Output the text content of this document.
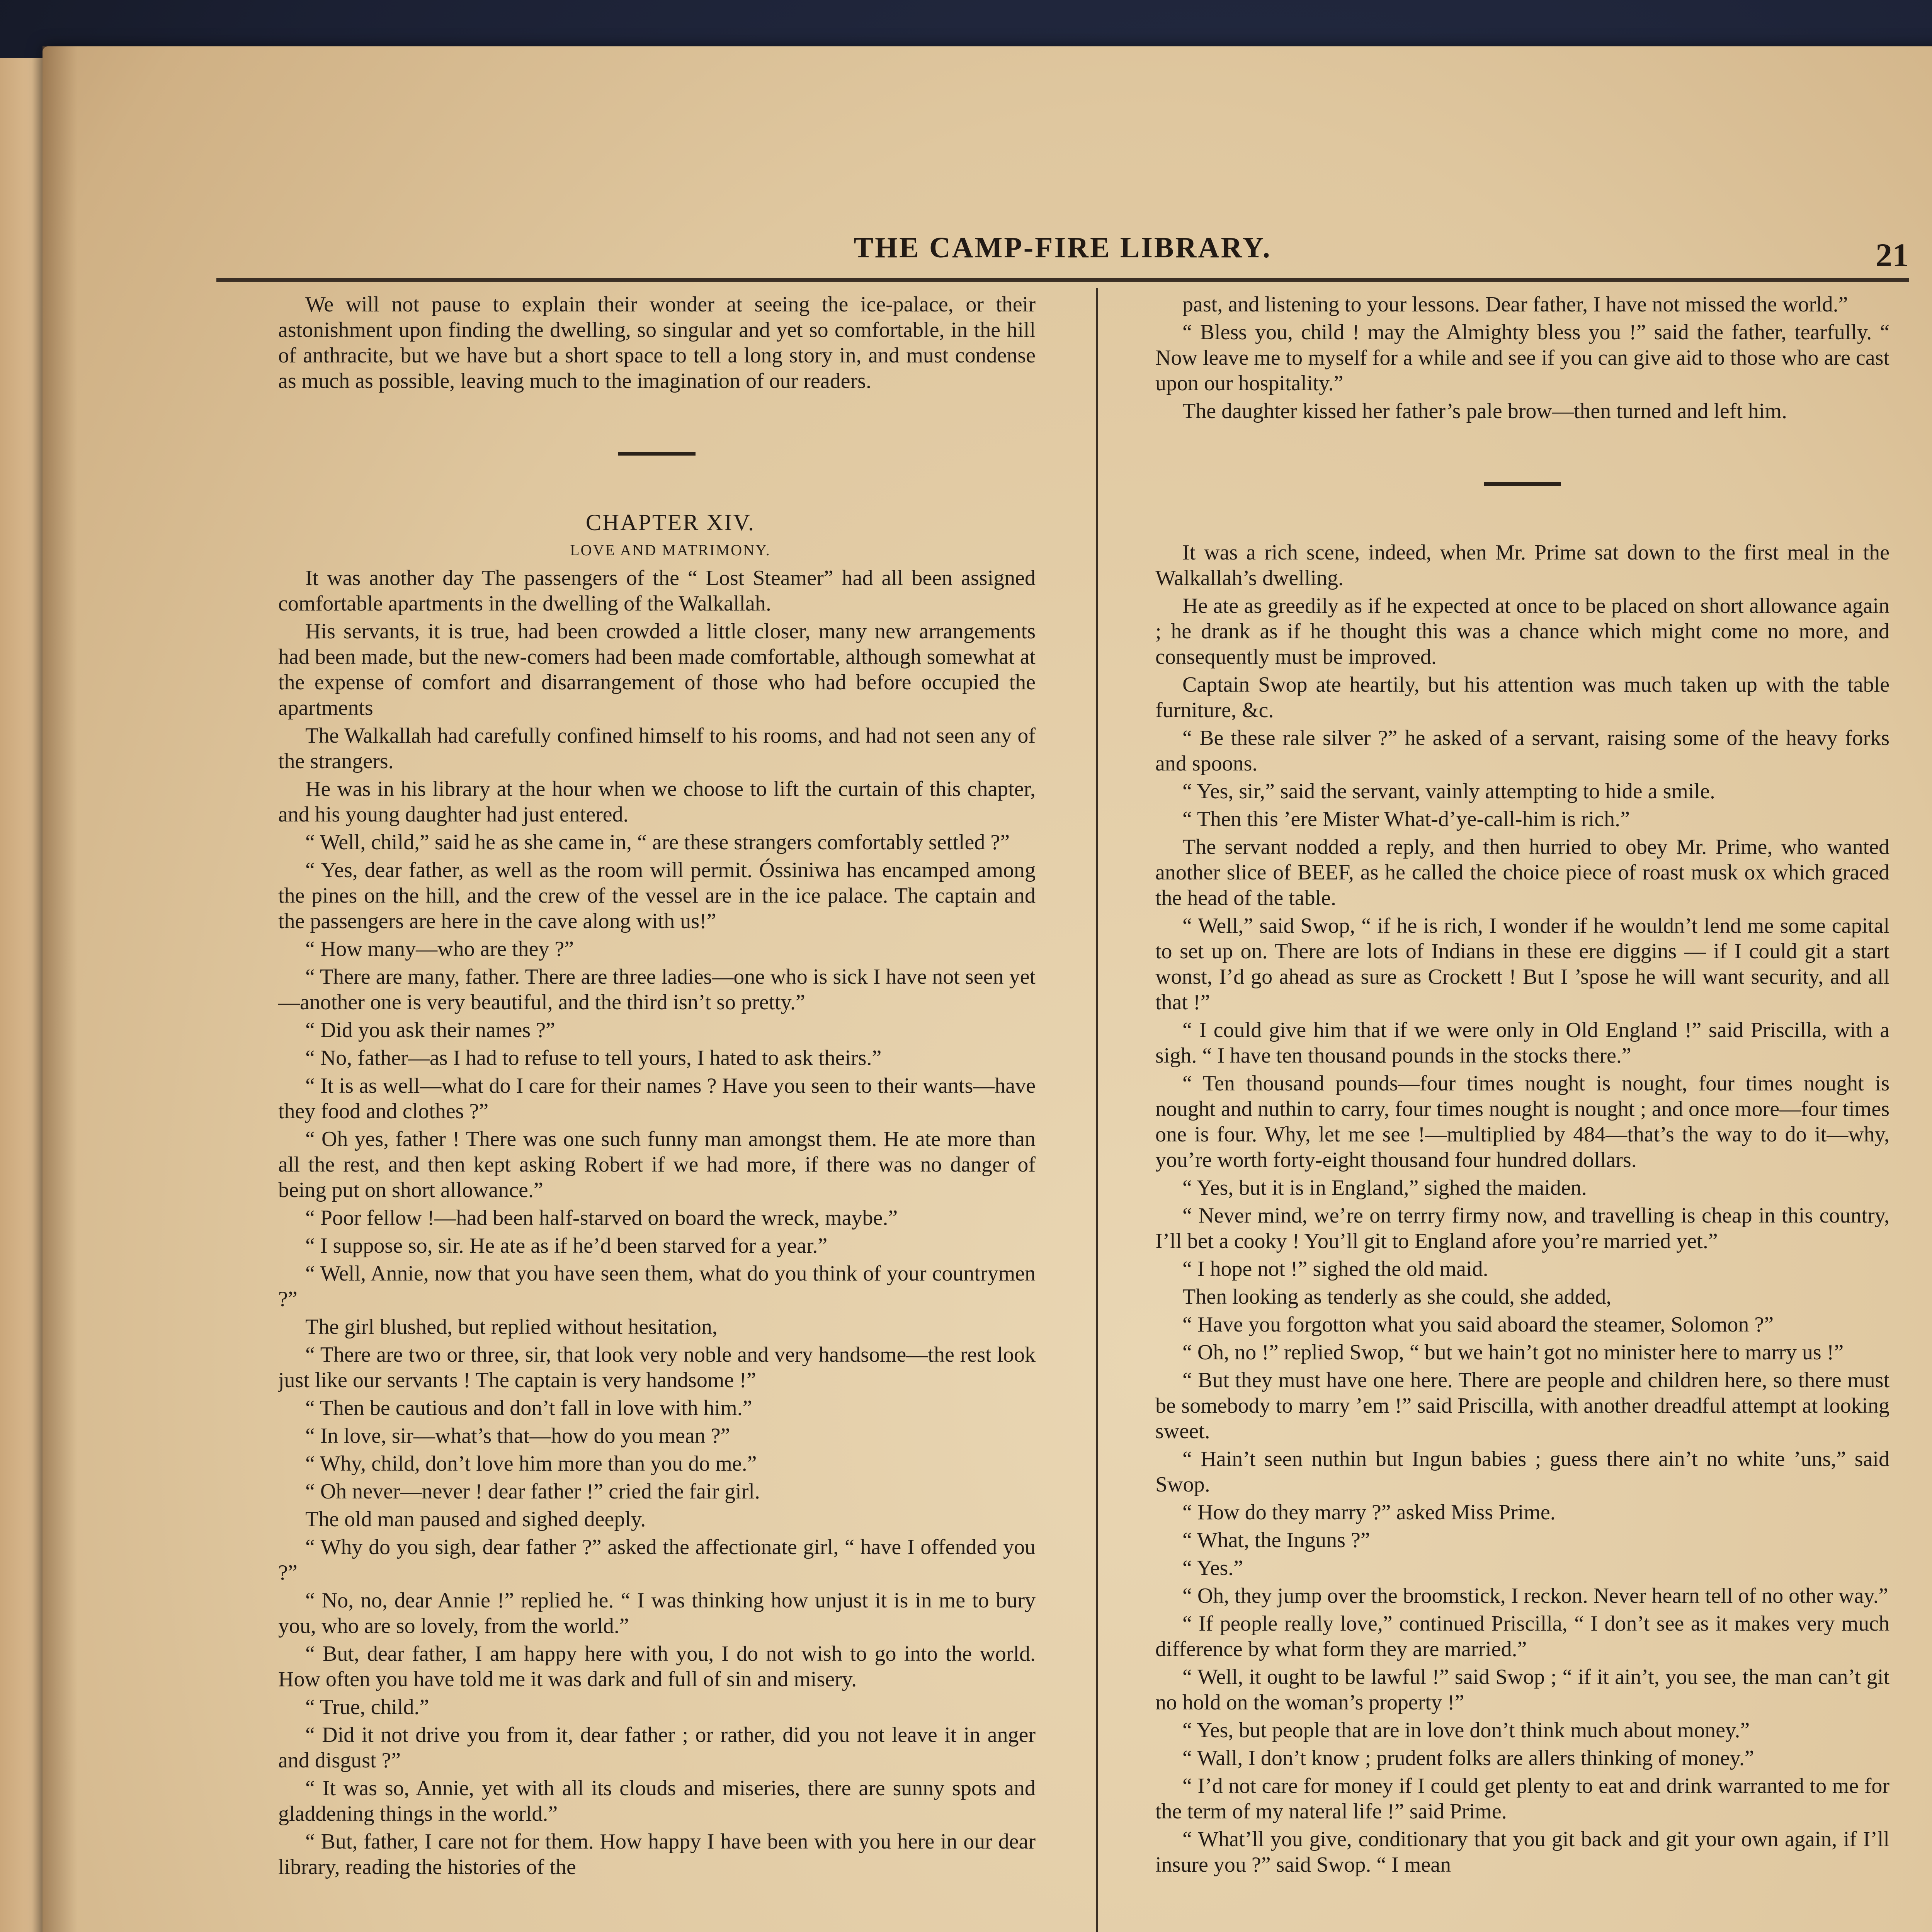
THE CAMP-FIRE LIBRARY.	21

We will not pause to explain their wonder at seeing the ice-palace, or their astonishment upon finding the dwelling, so singular and yet so comfortable, in the hill of anthracite, but we have but a short space to tell a long story in, and must condense as much as possible, leaving much to the imagination of our readers.

CHAPTER XIV.

LOVE AND MATRIMONY.

It was another day The passengers of the “ Lost Steamer” had all been assigned comfortable apartments in the dwelling of the Walkallah.

His servants, it is true, had been crowded a little closer, many new arrangements had been made, but the new-comers had been made comfortable, although somewhat at the expense of comfort and disarrangement of those who had before occupied the apartments

The Walkallah had carefully confined himself to his rooms, and had not seen any of the strangers.

He was in his library at the hour when we choose to lift the curtain of this chapter, and his young daughter had just entered.

“ Well, child,” said he as she came in, “ are these strangers comfortably settled ?”

“ Yes, dear father, as well as the room will permit. Óssiniwa has encamped among the pines on the hill, and the crew of the vessel are in the ice palace. The captain and the passengers are here in the cave along with us!”

“ How many—who are they ?”

“ There are many, father. There are three ladies—one who is sick I have not seen yet—another one is very beautiful, and the third isn’t so pretty.”

“ Did you ask their names ?”

“ No, father—as I had to refuse to tell yours, I hated to ask theirs.”

“ It is as well—what do I care for their names ? Have you seen to their wants—have they food and clothes ?”

“ Oh yes, father ! There was one such funny man amongst them. He ate more than all the rest, and then kept asking Robert if we had more, if there was no danger of being put on short allowance.”

“ Poor fellow !—had been half-starved on board the wreck, maybe.”

“ I suppose so, sir. He ate as if he’d been starved for a year.”

“ Well, Annie, now that you have seen them, what do you think of your countrymen ?”

The girl blushed, but replied without hesitation,

“ There are two or three, sir, that look very noble and very handsome—the rest look just like our servants ! The captain is very handsome !”

“ Then be cautious and don’t fall in love with him.”

“ In love, sir—what’s that—how do you mean ?”

“ Why, child, don’t love him more than you do me.”

“ Oh never—never ! dear father !” cried the fair girl.

The old man paused and sighed deeply.

“ Why do you sigh, dear father ?” asked the affectionate girl, “ have I offended you ?”

“ No, no, dear Annie !” replied he. “ I was thinking how unjust it is in me to bury you, who are so lovely, from the world.”

“ But, dear father, I am happy here with you, I do not wish to go into the world. How often you have told me it was dark and full of sin and misery.

“ True, child.”

“ Did it not drive you from it, dear father ; or rather, did you not leave it in anger and disgust ?”

“ It was so, Annie, yet with all its clouds and miseries, there are sunny spots and gladdening things in the world.”

“ But, father, I care not for them. How happy I have been with you here in our dear library, reading the histories of the

past, and listening to your lessons. Dear father, I have not missed the world.”

“ Bless you, child ! may the Almighty bless you !” said the father, tearfully. “ Now leave me to myself for a while and see if you can give aid to those who are cast upon our hospitality.”

The daughter kissed her father’s pale brow—then turned and left him.

It was a rich scene, indeed, when Mr. Prime sat down to the first meal in the Walkallah’s dwelling.

He ate as greedily as if he expected at once to be placed on short allowance again ; he drank as if he thought this was a chance which might come no more, and consequently must be improved.

Captain Swop ate heartily, but his attention was much taken up with the table furniture, &c.

“ Be these rale silver ?” he asked of a servant, raising some of the heavy forks and spoons.

“ Yes, sir,” said the servant, vainly attempting to hide a smile.

“ Then this ’ere Mister What-d’ye-call-him is rich.”

The servant nodded a reply, and then hurried to obey Mr. Prime, who wanted another slice of BEEF, as he called the choice piece of roast musk ox which graced the head of the table.

“ Well,” said Swop, “ if he is rich, I wonder if he wouldn’t lend me some capital to set up on. There are lots of Indians in these ere diggins — if I could git a start wonst, I’d go ahead as sure as Crockett ! But I ’spose he will want security, and all that !”

“ I could give him that if we were only in Old England !” said Priscilla, with a sigh. “ I have ten thousand pounds in the stocks there.”

“ Ten thousand pounds—four times nought is nought, four times nought is nought and nuthin to carry, four times nought is nought ; and once more—four times one is four. Why, let me see !—multiplied by 484—that’s the way to do it—why, you’re worth forty-eight thousand four hundred dollars.

“ Yes, but it is in England,” sighed the maiden.

“ Never mind, we’re on terrry firmy now, and travelling is cheap in this country, I’ll bet a cooky ! You’ll git to England afore you’re married yet.”

“ I hope not !” sighed the old maid.

Then looking as tenderly as she could, she added,

“ Have you forgotton what you said aboard the steamer, Solomon ?”

“ Oh, no !” replied Swop, “ but we hain’t got no minister here to marry us !”

“ But they must have one here. There are people and children here, so there must be somebody to marry ’em !” said Priscilla, with another dreadful attempt at looking sweet.

“ Hain’t seen nuthin but Ingun babies ; guess there ain’t no white ’uns,” said Swop.

“ How do they marry ?” asked Miss Prime.

“ What, the Inguns ?”

“ Yes.”

“ Oh, they jump over the broomstick, I reckon. Never hearn tell of no other way.”

“ If people really love,” continued Priscilla, “ I don’t see as it makes very much difference by what form they are married.”

“ Well, it ought to be lawful !” said Swop ; “ if it ain’t, you see, the man can’t git no hold on the woman’s property !”

“ Yes, but people that are in love don’t think much about money.”

“ Wall, I don’t know ; prudent folks are allers thinking of money.”

“ I’d not care for money if I could get plenty to eat and drink warranted to me for the term of my nateral life !” said Prime.

“ What’ll you give, conditionary that you git back and git your own again, if I’ll insure you ?” said Swop. “ I mean
